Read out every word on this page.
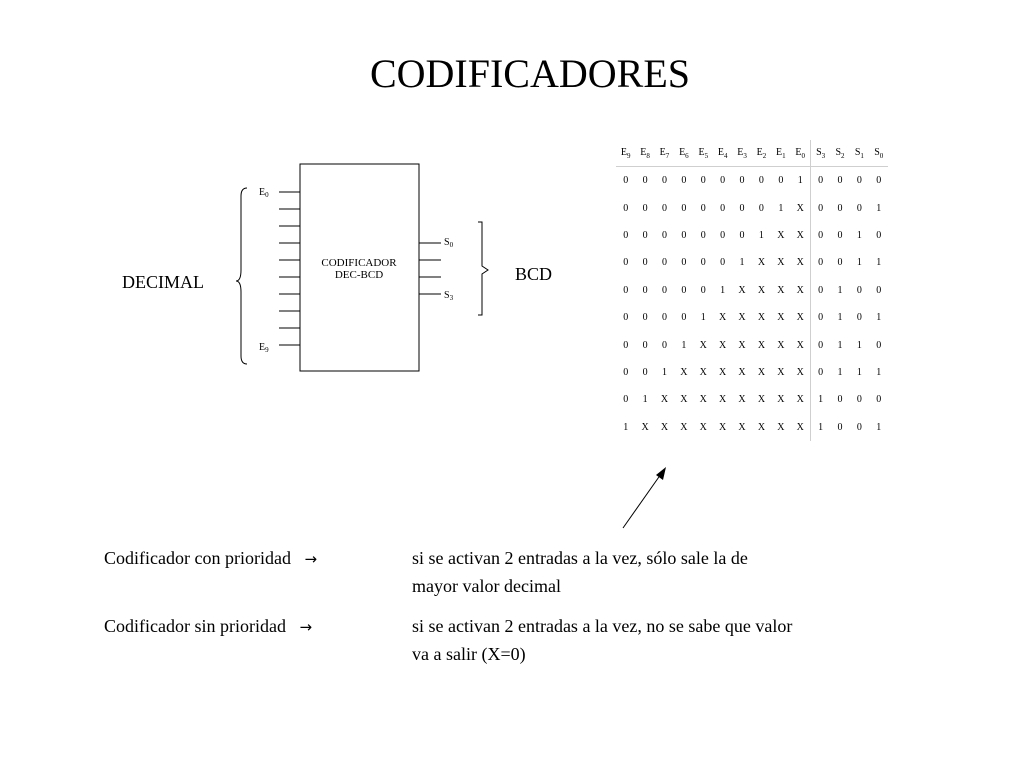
CODIFICADORES
CODIFICADOR
DEC-BCD
$E_0$
$E_9$
$S_0$
$S_3$
DECIMAL	BCD
$E_9$	$E_8$	$E_7$	$E_6$	$E_5$	$E_4$	$E_3$	$E_2$	$E_1$	$E_0$	$S_3$	$S_2$	$S_1$	$S_0$
0	0	0	0	0	0	0	0	0	1	0	0	0	0
0	0	0	0	0	0	0	0	1	X	0	0	0	1
0	0	0	0	0	0	0	1	X	X	0	0	1	0
0	0	0	0	0	0	1	X	X	X	0	0	1	1
0	0	0	0	0	1	X	X	X	X	0	1	0	0
0	0	0	0	1	X	X	X	X	X	0	1	0	1
0	0	0	1	X	X	X	X	X	X	0	1	1	0
0	0	1	X	X	X	X	X	X	X	0	1	1	1
0	1	X	X	X	X	X	X	X	X	1	0	0	0
1	X	X	X	X	X	X	X	X	X	1	0	0	1
Codificador con prioridad →	si se activan 2 entradas a la vez, sólo sale la de
mayor valor decimal
Codificador sin prioridad →	si se activan 2 entradas a la vez, no se sabe que valor
va a salir (X=0)
